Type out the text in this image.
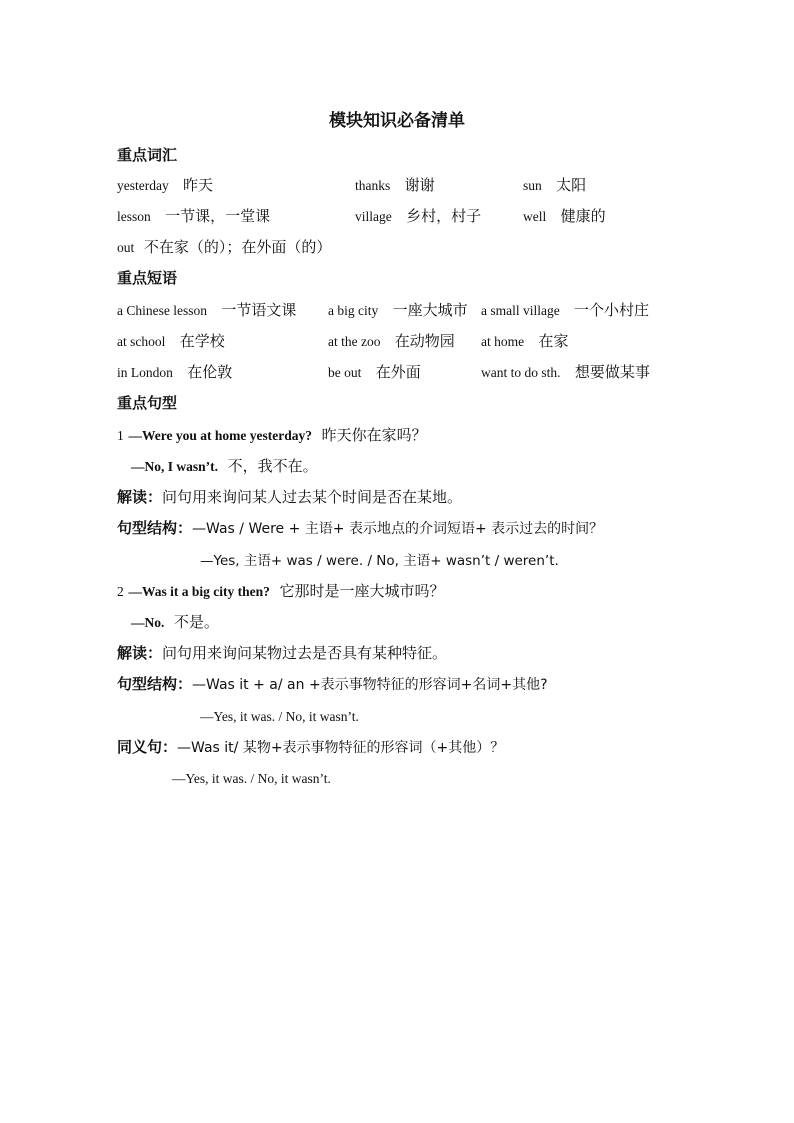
模块知识必备清单
重点词汇
yesterday 昨天	thanks 谢谢	sun 太阳
lesson 一节课，一堂课	village 乡村，村子	well 健康的
out 不在家（的）；在外面（的）
重点短语
a Chinese lesson 一节语文课 a big city 一座大城市 a small village 一个小村庄
at school 在学校	at the zoo 在动物园 at home 在家
in London 在伦敦	be out 在外面	want to do sth. 想要做某事
重点句型
1 —Were you at home yesterday? 昨天你在家吗？
—No, I wasn’t. 不，我不在。
解读：问句用来询问某人过去某个时间是否在某地。
句型结构：—Was / Were + 主语+ 表示地点的介词短语+ 表示过去的时间？
—Yes, 主语+ was / were. / No, 主语+ wasn’t / weren’t.
2 —Was it a big city then? 它那时是一座大城市吗？
—No. 不是。
解读：问句用来询问某物过去是否具有某种特征。
句型结构：—Was it + a/ an +表示事物特征的形容词+名词+其他?
—Yes, it was. / No, it wasn’t.
同义句：—Was it/ 某物+表示事物特征的形容词（+其他）？
—Yes, it was. / No, it wasn’t.
